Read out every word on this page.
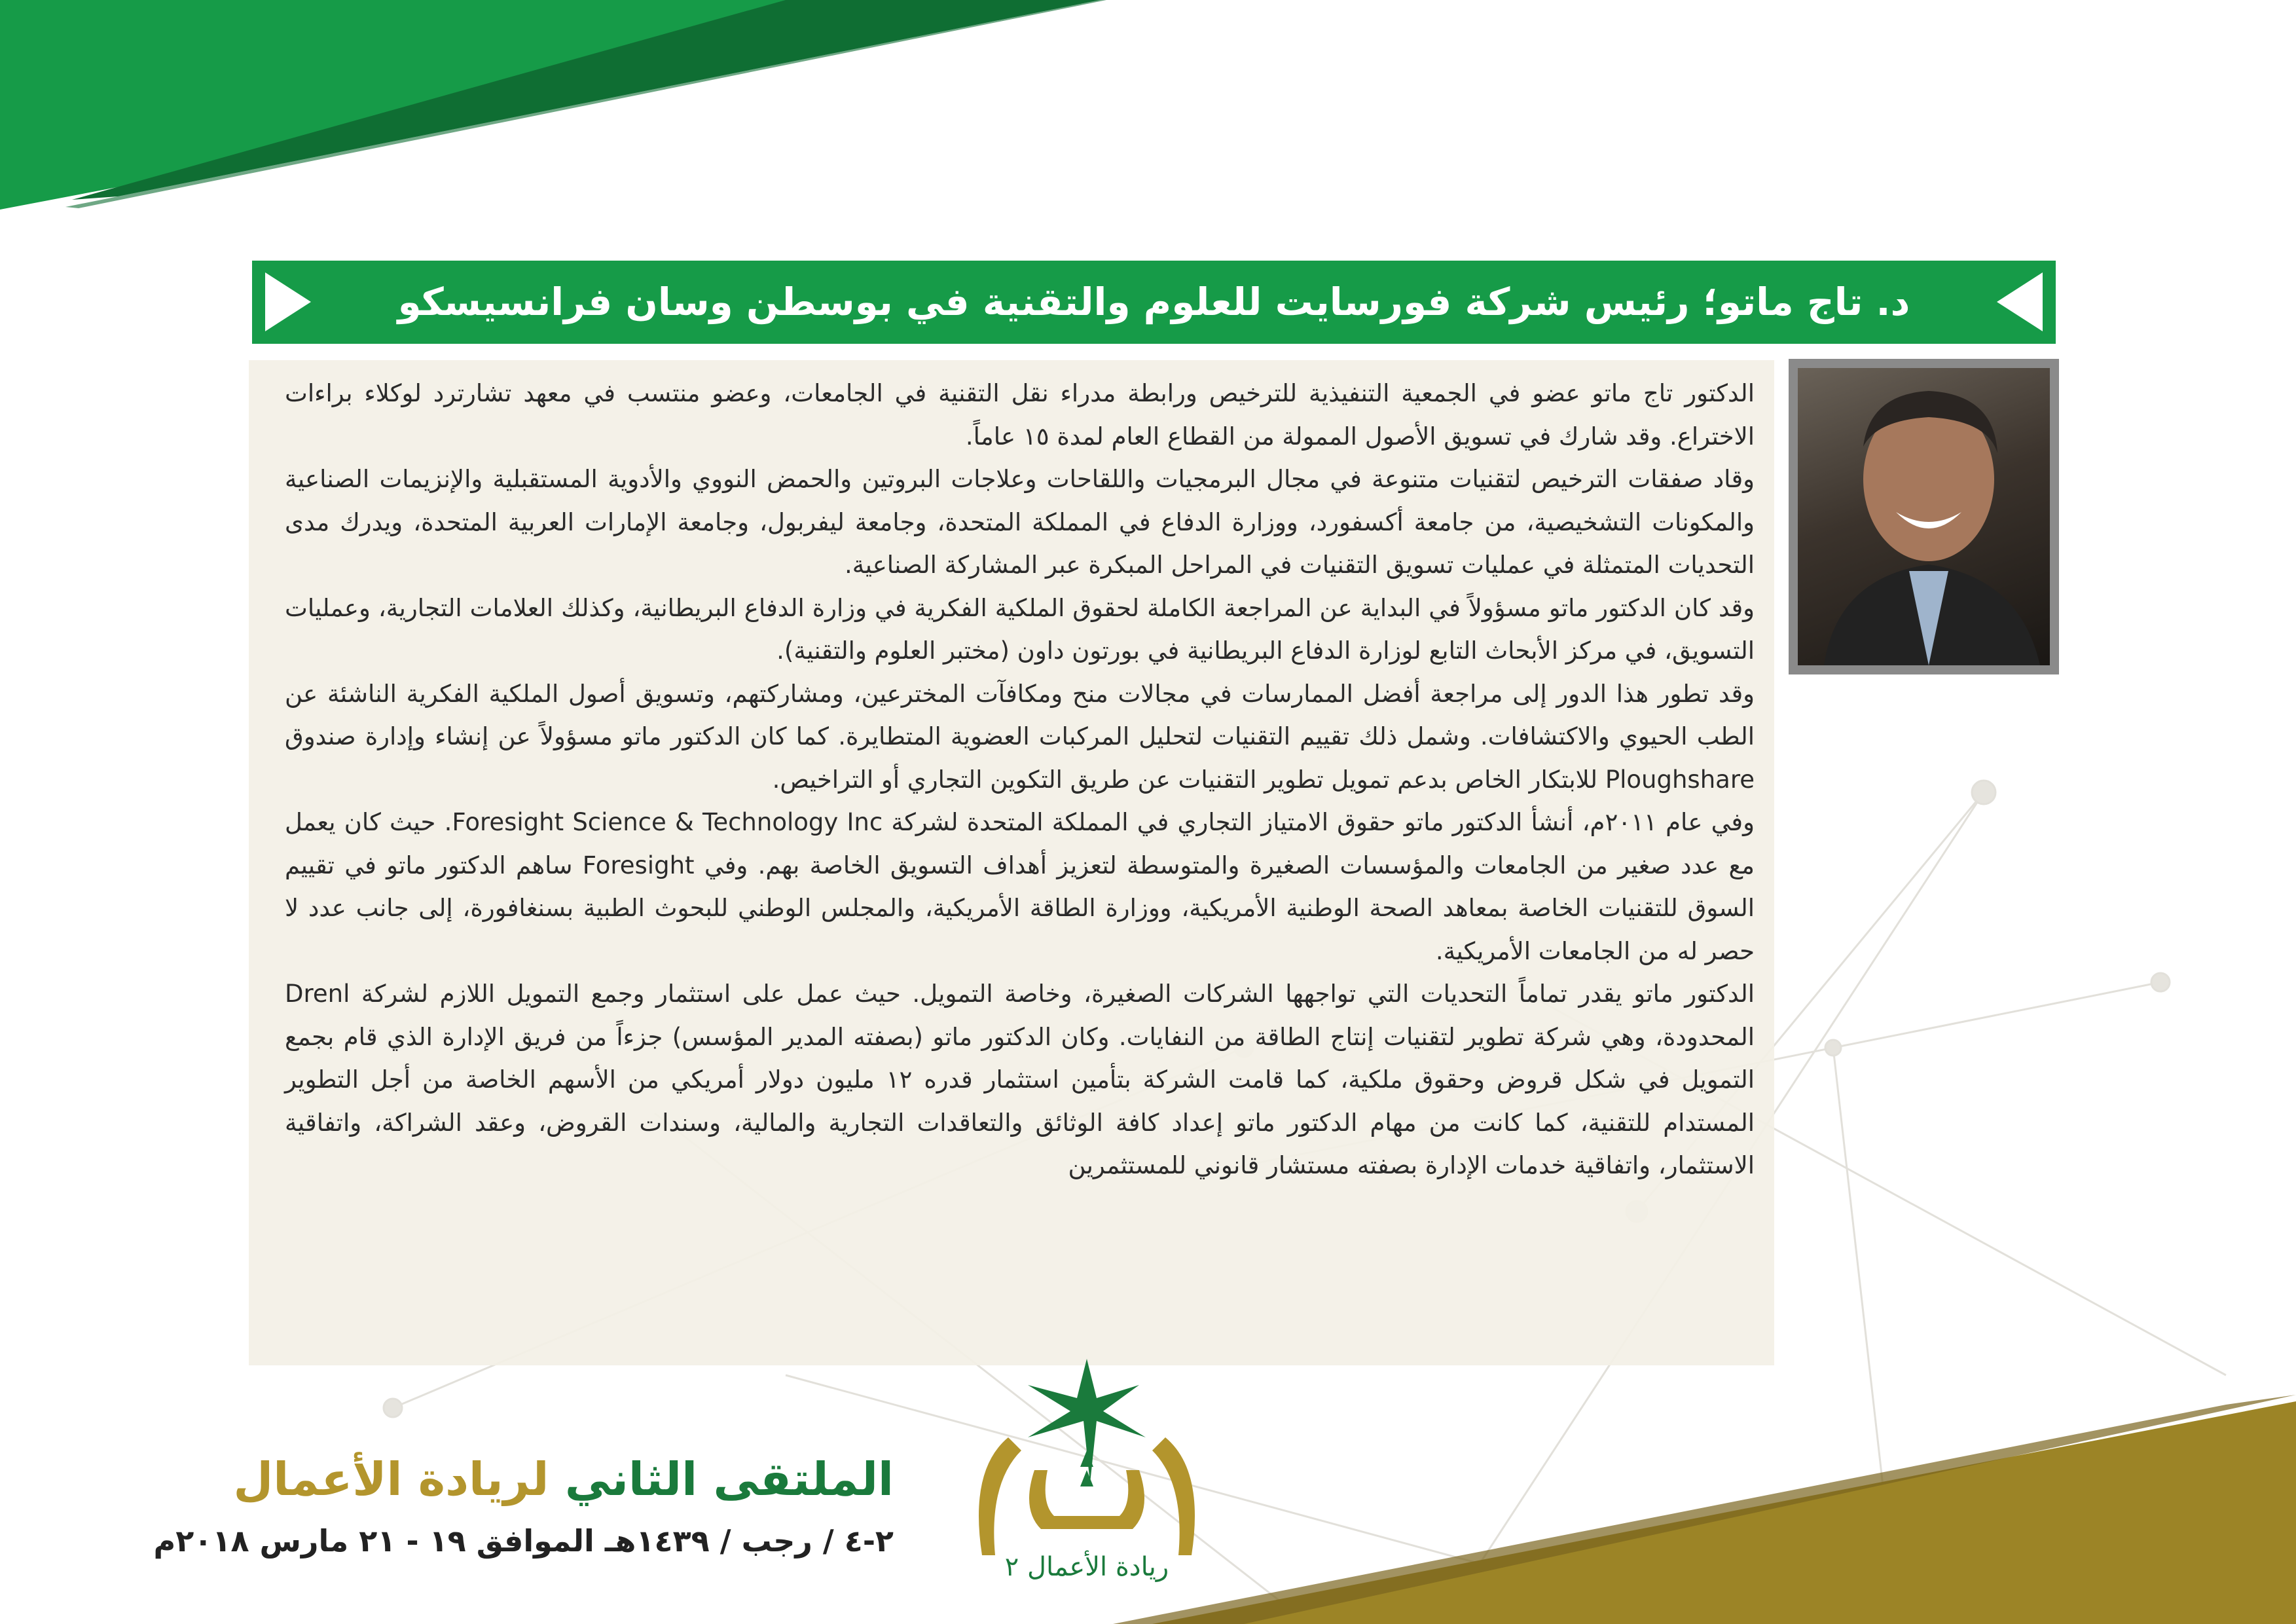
د. تاج ماتو؛ رئيس شركة فورسايت للعلوم والتقنية في بوسطن وسان فرانسيسكو

الدكتور تاج ماتو عضو في الجمعية التنفيذية للترخيص ورابطة مدراء نقل التقنية في الجامعات، وعضو منتسب في معهد تشارترد لوكلاء براءات الاختراع. وقد شارك في تسويق الأصول الممولة من القطاع العام لمدة ١٥ عاماً.

وقاد صفقات الترخيص لتقنيات متنوعة في مجال البرمجيات واللقاحات وعلاجات البروتين والحمض النووي والأدوية المستقبلية والإنزيمات الصناعية والمكونات التشخيصية، من جامعة أكسفورد، ووزارة الدفاع في المملكة المتحدة، وجامعة ليفربول، وجامعة الإمارات العربية المتحدة، ويدرك مدى التحديات المتمثلة في عمليات تسويق التقنيات في المراحل المبكرة عبر المشاركة الصناعية.

وقد كان الدكتور ماتو مسؤولاً في البداية عن المراجعة الكاملة لحقوق الملكية الفكرية في وزارة الدفاع البريطانية، وكذلك العلامات التجارية، وعمليات التسويق، في مركز الأبحاث التابع لوزارة الدفاع البريطانية في بورتون داون (مختبر العلوم والتقنية).

وقد تطور هذا الدور إلى مراجعة أفضل الممارسات في مجالات منح ومكافآت المخترعين، ومشاركتهم، وتسويق أصول الملكية الفكرية الناشئة عن الطب الحيوي والاكتشافات. وشمل ذلك تقييم التقنيات لتحليل المركبات العضوية المتطايرة. كما كان الدكتور ماتو مسؤولاً عن إنشاء وإدارة صندوق Ploughshare للابتكار الخاص بدعم تمويل تطوير التقنيات عن طريق التكوين التجاري أو التراخيص.

وفي عام ٢٠١١م، أنشأ الدكتور ماتو حقوق الامتياز التجاري في المملكة المتحدة لشركة Foresight Science & Technology Inc. حيث كان يعمل مع عدد صغير من الجامعات والمؤسسات الصغيرة والمتوسطة لتعزيز أهداف التسويق الخاصة بهم. وفي Foresight ساهم الدكتور ماتو في تقييم السوق للتقنيات الخاصة بمعاهد الصحة الوطنية الأمريكية، ووزارة الطاقة الأمريكية، والمجلس الوطني للبحوث الطبية بسنغافورة، إلى جانب عدد لا حصر له من الجامعات الأمريكية.

الدكتور ماتو يقدر تماماً التحديات التي تواجهها الشركات الصغيرة، وخاصة التمويل. حيث عمل على استثمار وجمع التمويل اللازم لشركة Drenl المحدودة، وهي شركة تطوير لتقنيات إنتاج الطاقة من النفايات. وكان الدكتور ماتو (بصفته المدير المؤسس) جزءاً من فريق الإدارة الذي قام بجمع التمويل في شكل قروض وحقوق ملكية، كما قامت الشركة بتأمين استثمار قدره ١٢ مليون دولار أمريكي من الأسهم الخاصة من أجل التطوير المستدام للتقنية، كما كانت من مهام الدكتور ماتو إعداد كافة الوثائق والتعاقدات التجارية والمالية، وسندات القروض، وعقد الشراكة، واتفاقية الاستثمار، واتفاقية خدمات الإدارة بصفته مستشار قانوني للمستثمرين

ريادة الأعمال ٢
الملتقى الثاني لريادة الأعمال
٢-٤ / رجب / ١٤٣٩هـ الموافق ١٩ - ٢١ مارس ٢٠١٨م
